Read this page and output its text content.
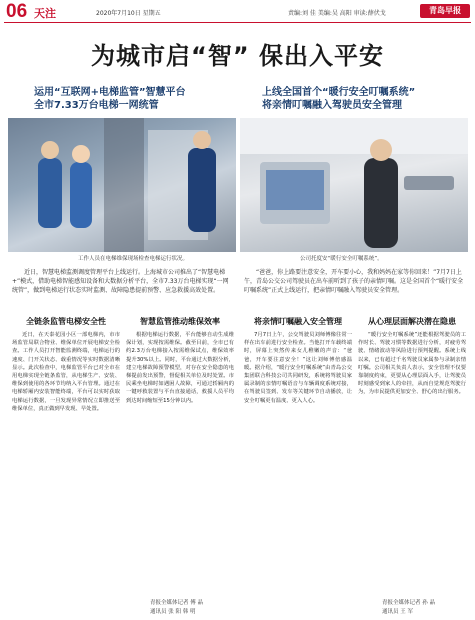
06 天注	2020年7月10日 星期五	责编:刘 佳 美编:吴 高阳 审读:薛伏戈	青岛早报
为城市启“智” 保出入平安
运用“互联网+电梯监管”智慧平台
全市7.33万台电梯一网统管
上线全国首个“暖行安全叮嘱系统”
将亲情叮嘱融入驾驶员安全管理
工作人员在电梯维保现场检查电梯运行状况。	公司托度安“暖行安全叮嘱系统”。
近日，智慧电梯监测调度管理平台上线运行。上海城市公司推出了“智慧电梯+”模式，借助电梯智能感知设备和大数据分析平台，全市7.33万台电梯实现“一网统管”，做到电梯运行状态实时监测、故障隐患提前预警、应急救援高效处置。
“爸爸，你上路要注意安全，开车要小心，我和妈妈在家等你回来！”7月7日上午，青岛公交公司驾驶员在出车前听到了孩子的亲情叮嘱。这是全国首个“暖行安全叮嘱系统”正式上线运行，把亲情叮嘱融入驾驶员安全管理。
全链条监管电梯安全性

近日，在天泰花园小区一部电梯内，市市场监管局联合物业、维保单位开展电梯安全检查。工作人员打开智能监测终端，电梯运行的速度、门开关状态、载重情况等实时数据清晰显示。此次检查中，电梯监管平台已对全市在用电梯实现全链条监管，从电梯生产、安装、维保到使用的各环节均纳入平台管理。通过在电梯轿厢内安装智能终端，平台可以实时获取电梯运行数据，一旦发现异常情况立即推送至维保单位，真正做到早发现、早处置。

智慧监管推动维保效率

根据电梯运行数据，平台能够自动生成维保计划，实现按需维保。截至目前，全市已有约2.3万台电梯接入按需维保试点，维保效率提升30%以上。同时，平台通过大数据分析，建立电梯故障预警模型，对存在安全隐患的电梯提前发出预警，督促相关单位及时处置。市民乘坐电梯时如遇困人故障，可通过轿厢内的一键呼救装置与平台直接通话，救援人员平均到达时间缩短至15分钟以内。

将亲情叮嘱融入安全管理

7月7日上午，公交驾驶员刘师傅像往常一样在出车前进行安全检查。当他打开车载终端时，屏幕上突然传来女儿稚嫩的声音：“爸爸，开车要注意安全！”这让刘师傅倍感温暖。据介绍，“暖行安全叮嘱系统”由青岛公交集团联合科技公司共同研发，系统将驾驶员家属录制的亲情叮嘱语音与车辆调度系统对接，在驾驶员签到、发车等关键环节自动播放，让安全叮嘱更有温度、更入人心。

从心理层面解决潜在隐患

“暖行安全叮嘱系统”还能根据驾驶员的工作时长、驾驶习惯等数据进行分析，对疲劳驾驶、情绪波动等风险进行预判提醒。系统上线以来，已有超过千名驾驶员家属参与录制亲情叮嘱。公司相关负责人表示，安全管理不仅要靠制度约束，更要从心理层面入手，让驾驶员时刻感受到家人的牵挂，从而自觉规范驾驶行为，为市民提供更加安全、舒心的出行服务。

青报全媒体记者 傅 晶
通讯员 张 阳 韩 明
青报全媒体记者 孙 晶
通讯员 王 军
